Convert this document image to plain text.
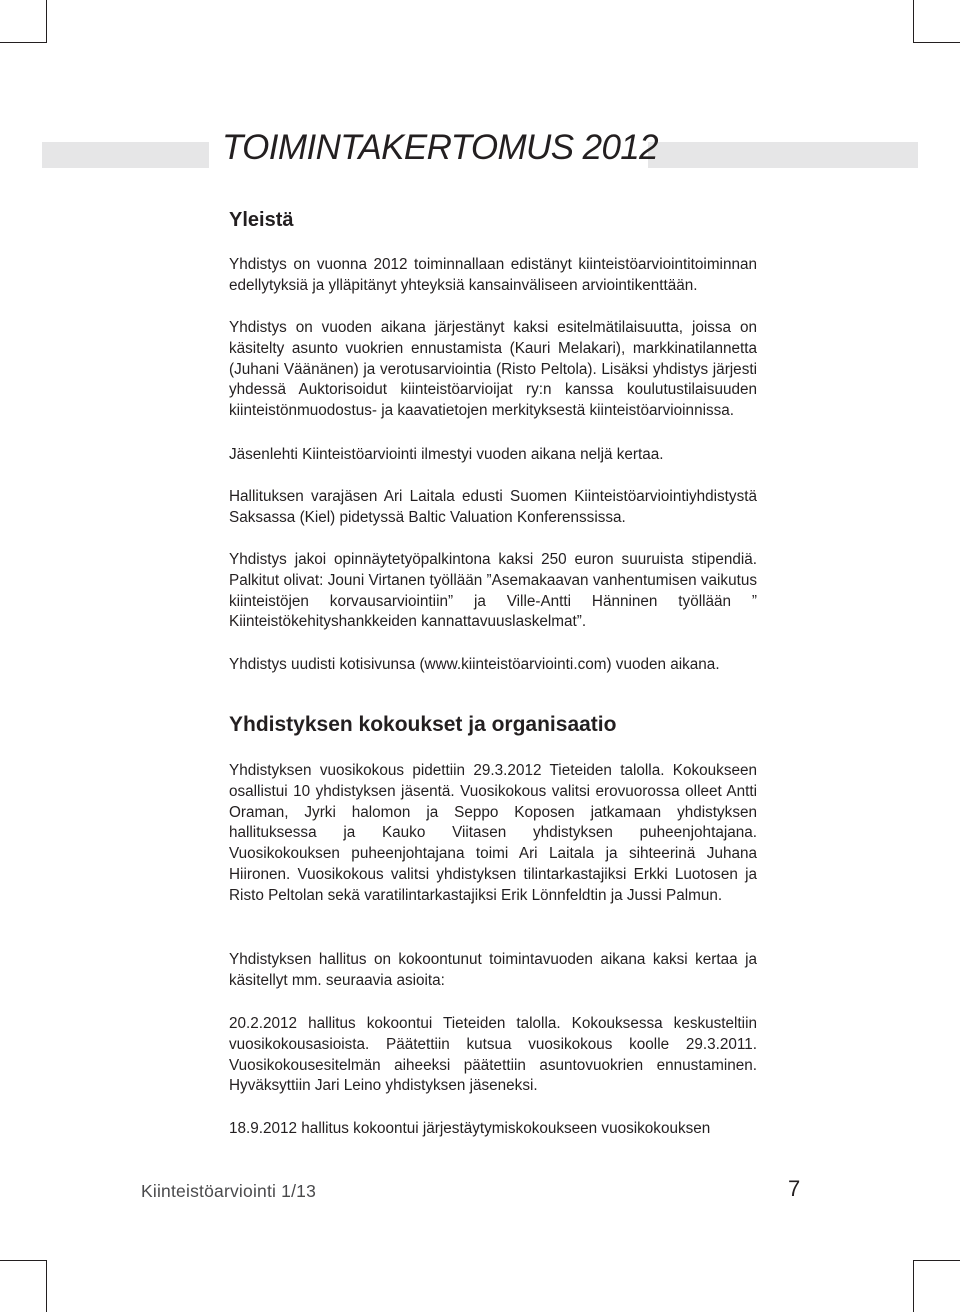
TOIMINTAKERTOMUS 2012
Yleistä

Yhdistys on vuonna 2012 toiminnallaan edistänyt kiinteistöarviointitoiminnan edellytyksiä ja ylläpitänyt yhteyksiä kansainväliseen arviointikenttään.

Yhdistys on vuoden aikana järjestänyt kaksi esitelmätilaisuutta, joissa on käsitelty asunto vuokrien ennustamista (Kauri Melakari), markkinatilannetta (Juhani Väänänen) ja verotusarviointia (Risto Peltola). Lisäksi yhdistys järjesti yhdessä Auktorisoidut kiinteistöarvioijat ry:n kanssa koulutustilaisuuden kiinteistönmuodostus- ja kaavatietojen merkityksestä kiinteistöarvioinnissa.

Jäsenlehti Kiinteistöarviointi ilmestyi vuoden aikana neljä kertaa.

Hallituksen varajäsen Ari Laitala edusti Suomen Kiinteistöarviointiyhdistystä Saksassa (Kiel) pidetyssä Baltic Valuation Konferenssissa.

Yhdistys jakoi opinnäytetyöpalkintona kaksi 250 euron suuruista stipendiä. Palkitut olivat: Jouni Virtanen työllään ”Asemakaavan vanhentumisen vaikutus kiinteistöjen korvausarviointiin” ja Ville-Antti Hänninen työllään ” Kiinteistökehityshankkeiden kannattavuuslaskelmat”.

Yhdistys uudisti kotisivunsa (www.kiinteistöarviointi.com) vuoden aikana.

Yhdistyksen kokoukset ja organisaatio

Yhdistyksen vuosikokous pidettiin 29.3.2012 Tieteiden talolla. Kokoukseen osallistui 10 yhdistyksen jäsentä. Vuosikokous valitsi erovuorossa olleet Antti Oraman, Jyrki halomon ja Seppo Koposen jatkamaan yhdistyksen hallituksessa ja Kauko Viitasen yhdistyksen puheenjohtajana. Vuosikokouksen puheenjohtajana toimi Ari Laitala ja sihteerinä Juhana Hiironen. Vuosikokous valitsi yhdistyksen tilintarkastajiksi Erkki Luotosen ja Risto Peltolan sekä varatilintarkastajiksi Erik Lönnfeldtin ja Jussi Palmun.

Yhdistyksen hallitus on kokoontunut toimintavuoden aikana kaksi kertaa ja käsitellyt mm. seuraavia asioita:

20.2.2012 hallitus kokoontui Tieteiden talolla. Kokouksessa keskusteltiin vuosikokousasioista. Päätettiin kutsua vuosikokous koolle 29.3.2011. Vuosikokousesitelmän aiheeksi päätettiin asuntovuokrien ennustaminen. Hyväksyttiin Jari Leino yhdistyksen jäseneksi.

18.9.2012 hallitus kokoontui järjestäytymiskokoukseen vuosikokouksen

Kiinteistöarviointi 1/13	7
